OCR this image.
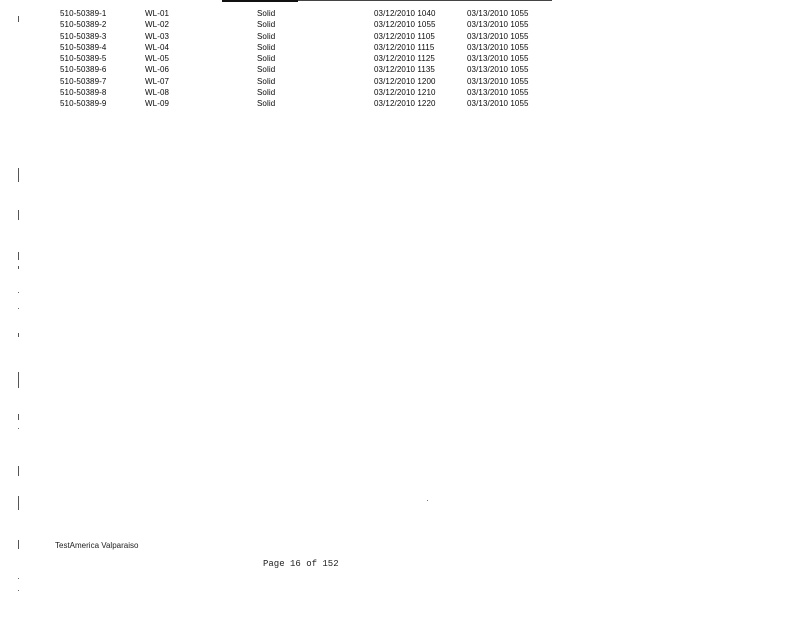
510-50389-1	WL-01	Solid	03/12/2010 1040	03/13/2010 1055
510-50389-2	WL-02	Solid	03/12/2010 1055	03/13/2010 1055
510-50389-3	WL-03	Solid	03/12/2010 1105	03/13/2010 1055
510-50389-4	WL-04	Solid	03/12/2010 1115	03/13/2010 1055
510-50389-5	WL-05	Solid	03/12/2010 1125	03/13/2010 1055
510-50389-6	WL-06	Solid	03/12/2010 1135	03/13/2010 1055
510-50389-7	WL-07	Solid	03/12/2010 1200	03/13/2010 1055
510-50389-8	WL-08	Solid	03/12/2010 1210	03/13/2010 1055
510-50389-9	WL-09	Solid	03/12/2010 1220	03/13/2010 1055
TestAmerica Valparaiso
Page 16 of 152
